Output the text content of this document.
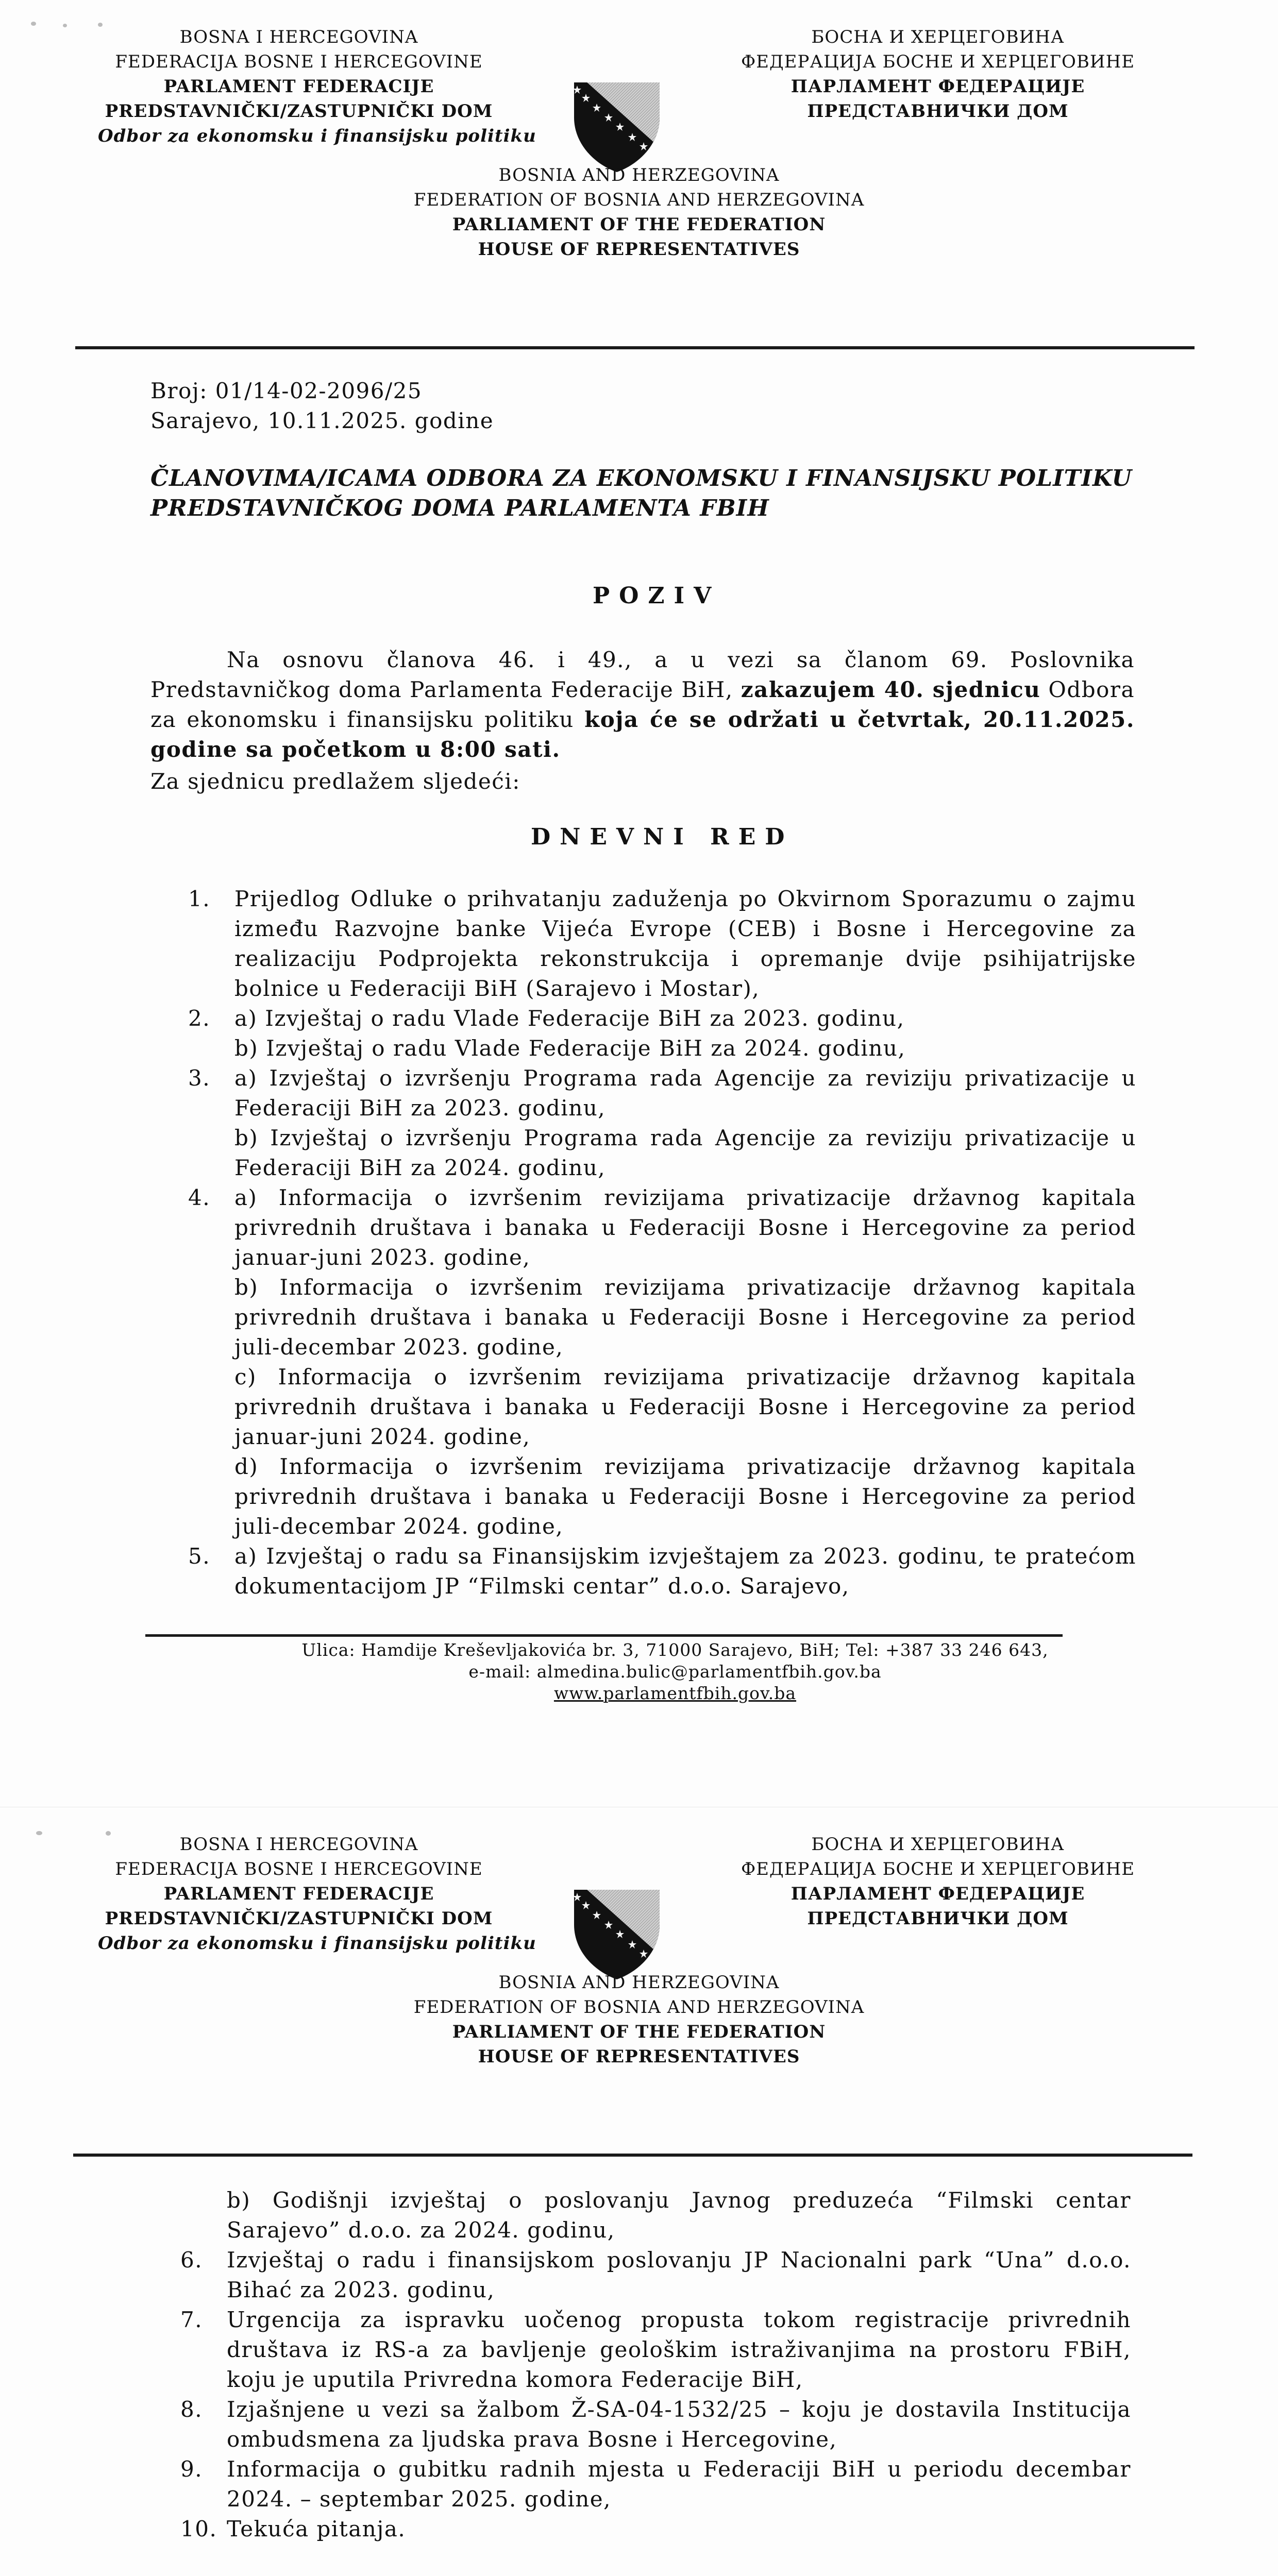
BOSNA I HERCEGOVINA
FEDERACIJA BOSNE I HERCEGOVINE
PARLAMENT FEDERACIJE
PREDSTAVNIČKI/ZASTUPNIČKI DOM
Odbor za ekonomsku i finansijsku politiku
БОСНА И ХЕРЦЕГОВИНА
ФЕДЕРАЦИЈА БОСНЕ И ХЕРЦЕГОВИНЕ
ПАРЛАМЕНТ ФЕДЕРАЦИЈЕ
ПРЕДСТАВНИЧКИ ДОМ
BOSNIA AND HERZEGOVINA
FEDERATION OF BOSNIA AND HERZEGOVINA
PARLIAMENT OF THE FEDERATION
HOUSE OF REPRESENTATIVES
Broj: 01/14-02-2096/25
Sarajevo, 10.11.2025. godine
ČLANOVIMA/ICAMA ODBORA ZA EKONOMSKU I FINANSIJSKU POLITIKU
PREDSTAVNIČKOG DOMA PARLAMENTA FBIH
POZIV
Na osnovu članova 46. i 49., a u vezi sa članom 69. Poslovnika Predstavničkog doma Parlamenta Federacije BiH, zakazujem 40. sjednicu Odbora za ekonomsku i finansijsku politiku koja će se održati u četvrtak, 20.11.2025. godine sa početkom u 8:00 sati.
Za sjednicu predlažem sljedeći:
DNEVNI RED
1. Prijedlog Odluke o prihvatanju zaduženja po Okvirnom Sporazumu o zajmu između Razvojne banke Vijeća Evrope (CEB) i Bosne i Hercegovine za realizaciju Podprojekta rekonstrukcija i opremanje dvije psihijatrijske bolnice u Federaciji BiH (Sarajevo i Mostar),
2. a) Izvještaj o radu Vlade Federacije BiH za 2023. godinu,
b) Izvještaj o radu Vlade Federacije BiH za 2024. godinu,
3. a) Izvještaj o izvršenju Programa rada Agencije za reviziju privatizacije u Federaciji BiH za 2023. godinu,
b) Izvještaj o izvršenju Programa rada Agencije za reviziju privatizacije u Federaciji BiH za 2024. godinu,
4. a) Informacija o izvršenim revizijama privatizacije državnog kapitala privrednih društava i banaka u Federaciji Bosne i Hercegovine za period januar-juni 2023. godine,
b) Informacija o izvršenim revizijama privatizacije državnog kapitala privrednih društava i banaka u Federaciji Bosne i Hercegovine za period juli-decembar 2023. godine,
c) Informacija o izvršenim revizijama privatizacije državnog kapitala privrednih društava i banaka u Federaciji Bosne i Hercegovine za period januar-juni 2024. godine,
d) Informacija o izvršenim revizijama privatizacije državnog kapitala privrednih društava i banaka u Federaciji Bosne i Hercegovine za period juli-decembar 2024. godine,
5. a) Izvještaj o radu sa Finansijskim izvještajem za 2023. godinu, te pratećom dokumentacijom JP “Filmski centar” d.o.o. Sarajevo,
Ulica: Hamdije Kreševljakovića br. 3, 71000 Sarajevo, BiH; Tel: +387 33 246 643,
e-mail: almedina.bulic@parlamentfbih.gov.ba
www.parlamentfbih.gov.ba
BOSNA I HERCEGOVINA
FEDERACIJA BOSNE I HERCEGOVINE
PARLAMENT FEDERACIJE
PREDSTAVNIČKI/ZASTUPNIČKI DOM
Odbor za ekonomsku i finansijsku politiku
БОСНА И ХЕРЦЕГОВИНА
ФЕДЕРАЦИЈА БОСНЕ И ХЕРЦЕГОВИНЕ
ПАРЛАМЕНТ ФЕДЕРАЦИЈЕ
ПРЕДСТАВНИЧКИ ДОМ
BOSNIA AND HERZEGOVINA
FEDERATION OF BOSNIA AND HERZEGOVINA
PARLIAMENT OF THE FEDERATION
HOUSE OF REPRESENTATIVES
b) Godišnji izvještaj o poslovanju Javnog preduzeća “Filmski centar Sarajevo” d.o.o. za 2024. godinu,
6. Izvještaj o radu i finansijskom poslovanju JP Nacionalni park “Una” d.o.o. Bihać za 2023. godinu,
7. Urgencija za ispravku uočenog propusta tokom registracije privrednih društava iz RS-a za bavljenje geološkim istraživanjima na prostoru FBiH, koju je uputila Privredna komora Federacije BiH,
8. Izjašnjene u vezi sa žalbom Ž-SA-04-1532/25 – koju je dostavila Institucija ombudsmena za ljudska prava Bosne i Hercegovine,
9. Informacija o gubitku radnih mjesta u Federaciji BiH u periodu decembar 2024. – septembar 2025. godine,
10. Tekuća pitanja.
